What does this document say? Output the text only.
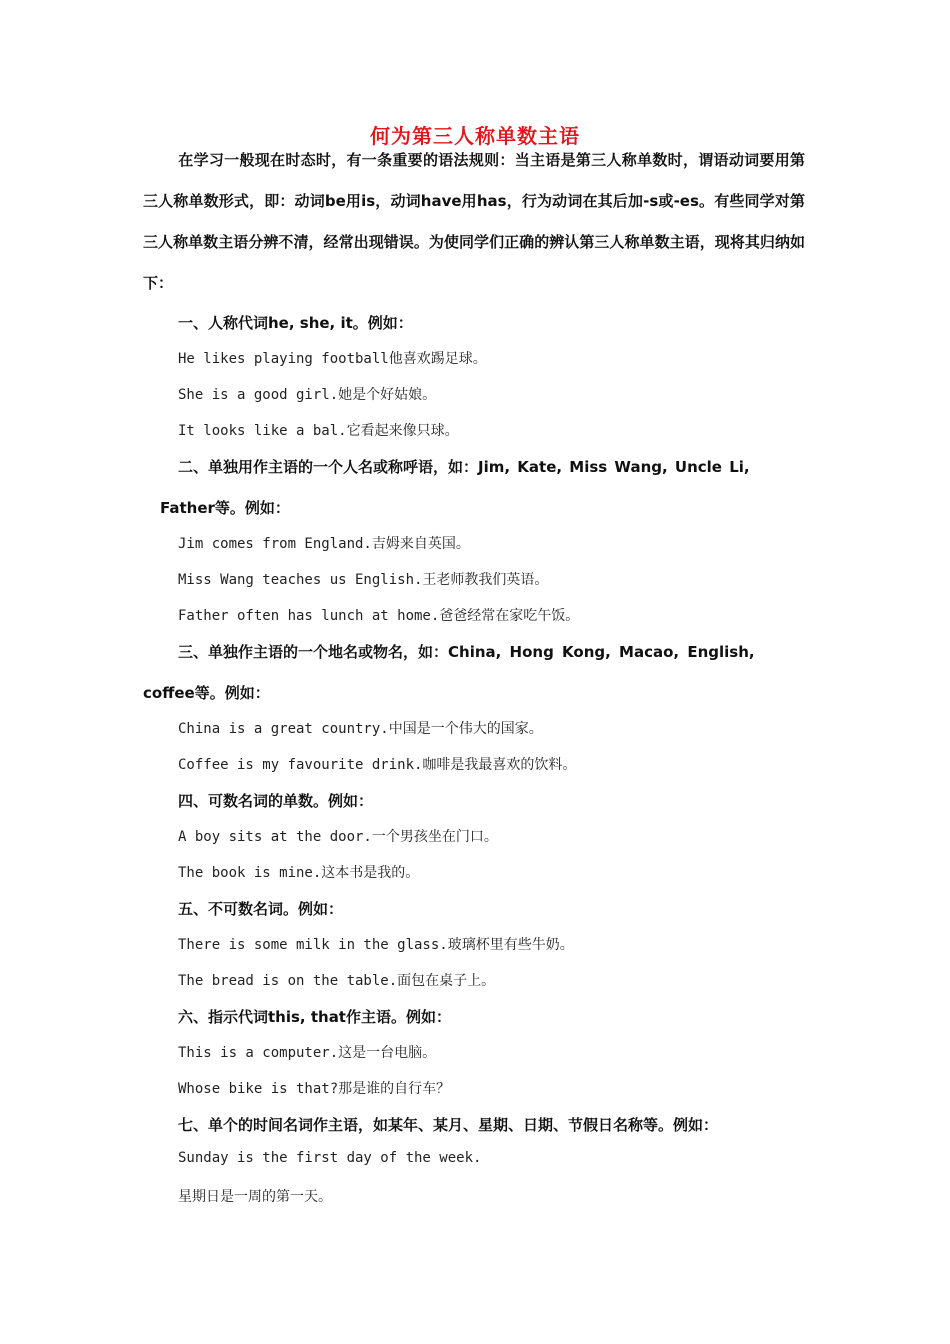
何为第三人称单数主语
在学习一般现在时态时，有一条重要的语法规则：当主语是第三人称单数时，谓语动词要用第三人称单数形式，即：动词be用is，动词have用has，行为动词在其后加-s或-es。有些同学对第三人称单数主语分辨不清，经常出现错误。为使同学们正确的辨认第三人称单数主语，现将其归纳如下：
一、人称代词he, she, it。例如：
He likes playing football他喜欢踢足球。
She is a good girl.她是个好姑娘。
It looks like a bal.它看起来像只球。
二、单独用作主语的一个人名或称呼语，如：Jim, Kate, Miss Wang, Uncle Li,
Father等。例如：
Jim comes from England.吉姆来自英国。
Miss Wang teaches us English.王老师教我们英语。
Father often has lunch at home.爸爸经常在家吃午饭。
三、单独作主语的一个地名或物名，如：China, Hong Kong, Macao, English,
coffee等。例如：
China is a great country.中国是一个伟大的国家。
Coffee is my favourite drink.咖啡是我最喜欢的饮料。
四、可数名词的单数。例如：
A boy sits at the door.一个男孩坐在门口。
The book is mine.这本书是我的。
五、不可数名词。例如：
There is some milk in the glass.玻璃杯里有些牛奶。
The bread is on the table.面包在桌子上。
六、指示代词this, that作主语。例如：
This is a computer.这是一台电脑。
Whose bike is that?那是谁的自行车？
七、单个的时间名词作主语，如某年、某月、星期、日期、节假日名称等。例如：
Sunday is the first day of the week.
星期日是一周的第一天。
